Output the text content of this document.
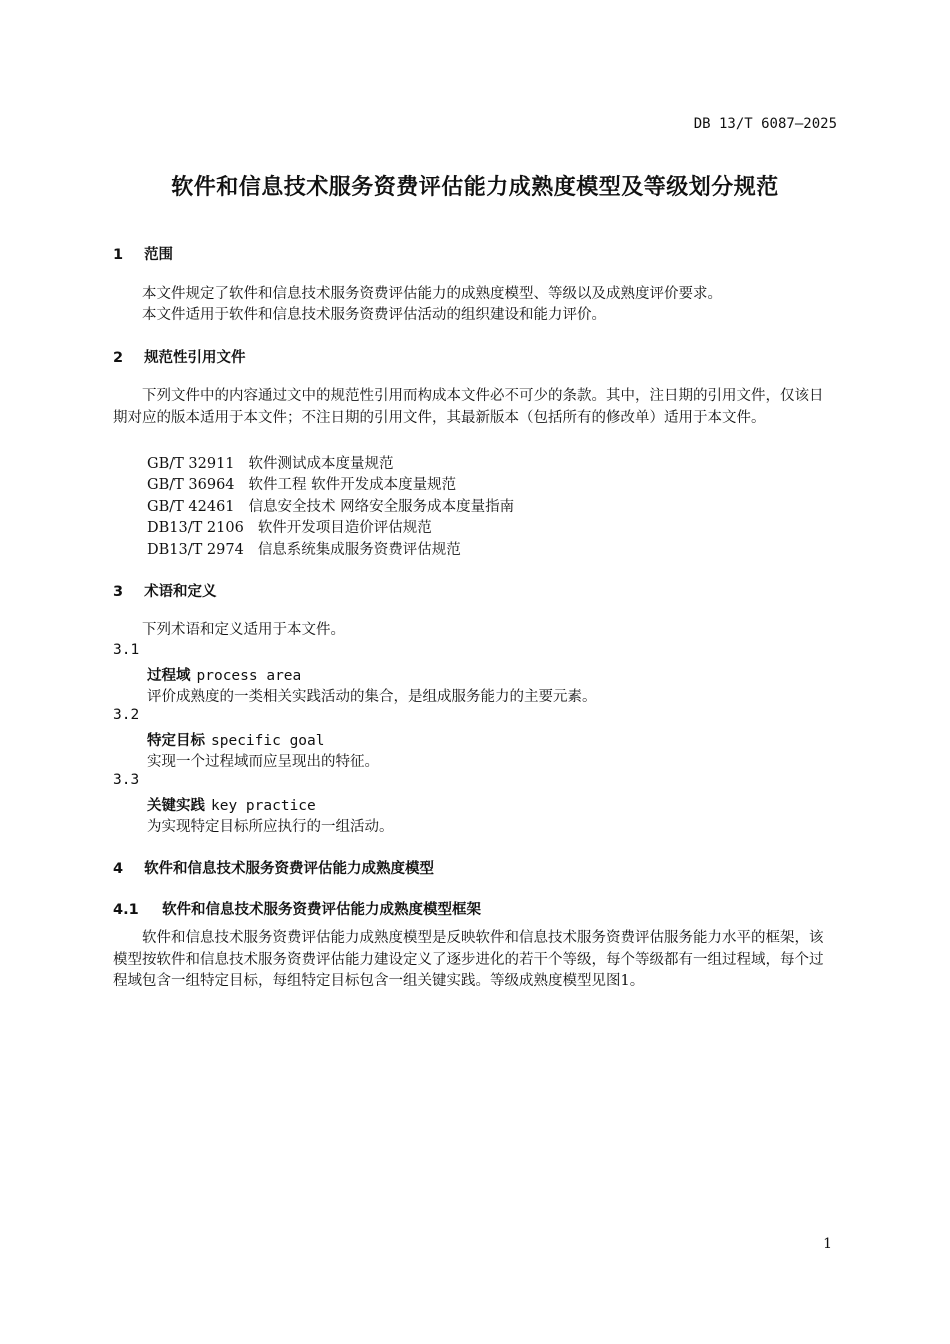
DB 13/T 6087—2025
软件和信息技术服务资费评估能力成熟度模型及等级划分规范
1 范围
本文件规定了软件和信息技术服务资费评估能力的成熟度模型、等级以及成熟度评价要求。
本文件适用于软件和信息技术服务资费评估活动的组织建设和能力评价。
2 规范性引用文件
下列文件中的内容通过文中的规范性引用而构成本文件必不可少的条款。其中，注日期的引用文件，仅该日期对应的版本适用于本文件；不注日期的引用文件，其最新版本（包括所有的修改单）适用于本文件。
GB/T 32911 软件测试成本度量规范
GB/T 36964 软件工程 软件开发成本度量规范
GB/T 42461 信息安全技术 网络安全服务成本度量指南
DB13/T 2106 软件开发项目造价评估规范
DB13/T 2974 信息系统集成服务资费评估规范
3 术语和定义
下列术语和定义适用于本文件。
3.1
过程域 process area
评价成熟度的一类相关实践活动的集合，是组成服务能力的主要元素。
3.2
特定目标 specific goal
实现一个过程域而应呈现出的特征。
3.3
关键实践 key practice
为实现特定目标所应执行的一组活动。
4 软件和信息技术服务资费评估能力成熟度模型
4.1 软件和信息技术服务资费评估能力成熟度模型框架
软件和信息技术服务资费评估能力成熟度模型是反映软件和信息技术服务资费评估服务能力水平的框架，该模型按软件和信息技术服务资费评估能力建设定义了逐步进化的若干个等级，每个等级都有一组过程域，每个过程域包含一组特定目标，每组特定目标包含一组关键实践。等级成熟度模型见图1。
1
